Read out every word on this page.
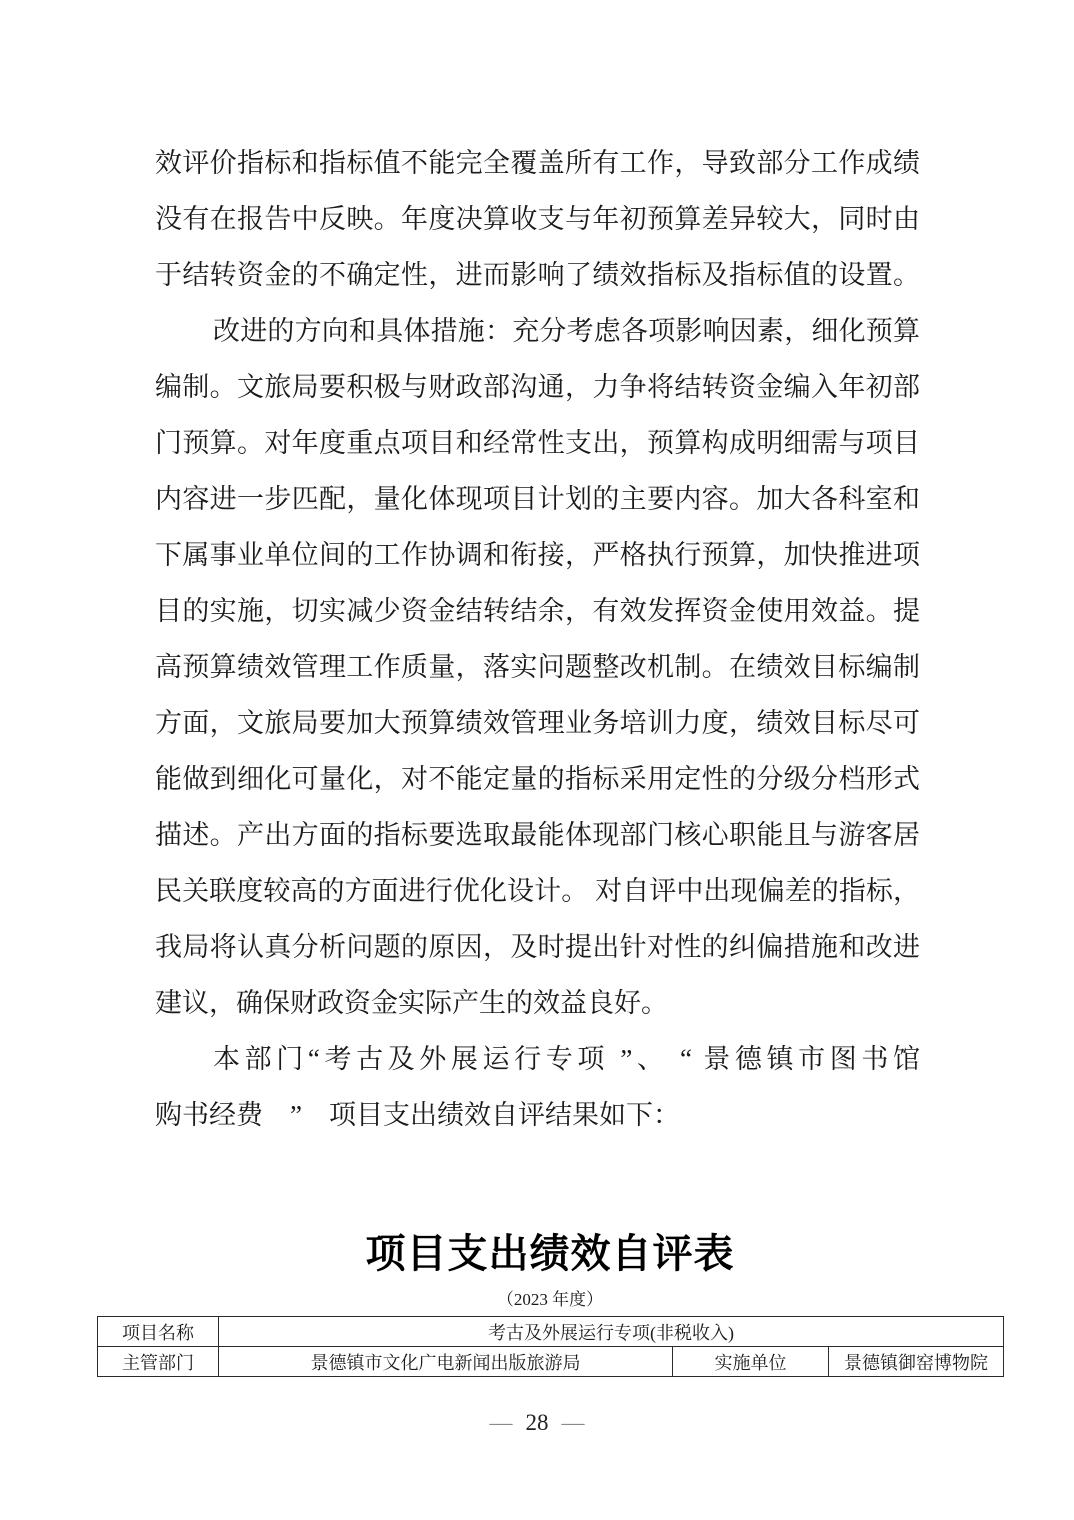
效评价指标和指标值不能完全覆盖所有工作，导致部分工作成绩
没有在报告中反映。年度决算收支与年初预算差异较大，同时由
于结转资金的不确定性，进而影响了绩效指标及指标值的设置。
改进的方向和具体措施：充分考虑各项影响因素，细化预算
编制。文旅局要积极与财政部沟通，力争将结转资金编入年初部
门预算。对年度重点项目和经常性支出，预算构成明细需与项目
内容进一步匹配，量化体现项目计划的主要内容。加大各科室和
下属事业单位间的工作协调和衔接，严格执行预算，加快推进项
目的实施，切实减少资金结转结余，有效发挥资金使用效益。提
高预算绩效管理工作质量，落实问题整改机制。在绩效目标编制
方面，文旅局要加大预算绩效管理业务培训力度，绩效目标尽可
能做到细化可量化，对不能定量的指标采用定性的分级分档形式
描述。产出方面的指标要选取最能体现部门核心职能且与游客居
民关联度较高的方面进行优化设计。 对自评中出现偏差的指标，
我局将认真分析问题的原因，及时提出针对性的纠偏措施和改进
建议，确保财政资金实际产生的效益良好。
本部门“考古及外展运行专项 ”、 “ 景德镇市图书馆
购书经费　”　项目支出绩效自评结果如下：
项目支出绩效自评表
（2023 年度）
项目名称	考古及外展运行专项(非税收入)		
主管部门	景德镇市文化广电新闻出版旅游局	实施单位	景德镇御窑博物院
— 28 —
